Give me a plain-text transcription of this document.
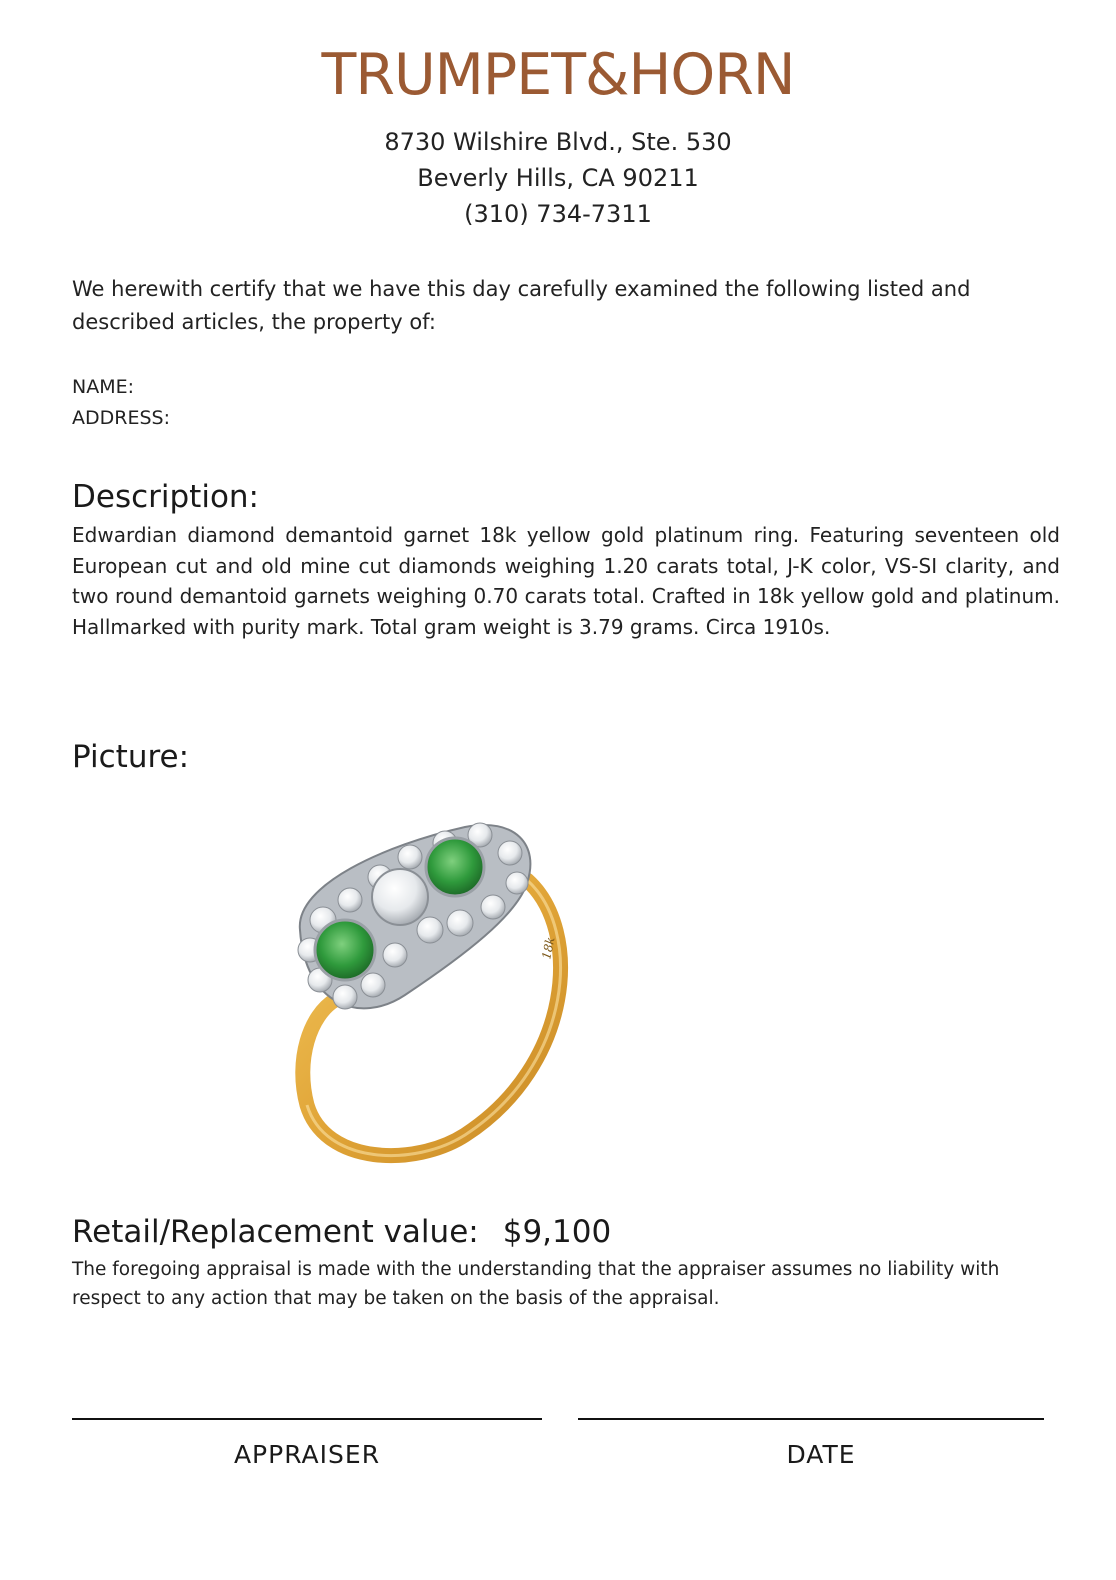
TRUMPET&HORN
8730 Wilshire Blvd., Ste. 530
Beverly Hills, CA 90211
(310) 734-7311
We herewith certify that we have this day carefully examined the following listed and described articles, the property of:
NAME:
ADDRESS:
Description:
Edwardian diamond demantoid garnet 18k yellow gold platinum ring. Featuring seventeen old European cut and old mine cut diamonds weighing 1.20 carats total, J-K color, VS-SI clarity, and two round demantoid garnets weighing 0.70 carats total. Crafted in 18k yellow gold and platinum. Hallmarked with purity mark. Total gram weight is 3.79 grams. Circa 1910s.
Picture:
18k
Retail/Replacement value: $9,100
The foregoing appraisal is made with the understanding that the appraiser assumes no liability with respect to any action that may be taken on the basis of the appraisal.
APPRAISER	DATE
